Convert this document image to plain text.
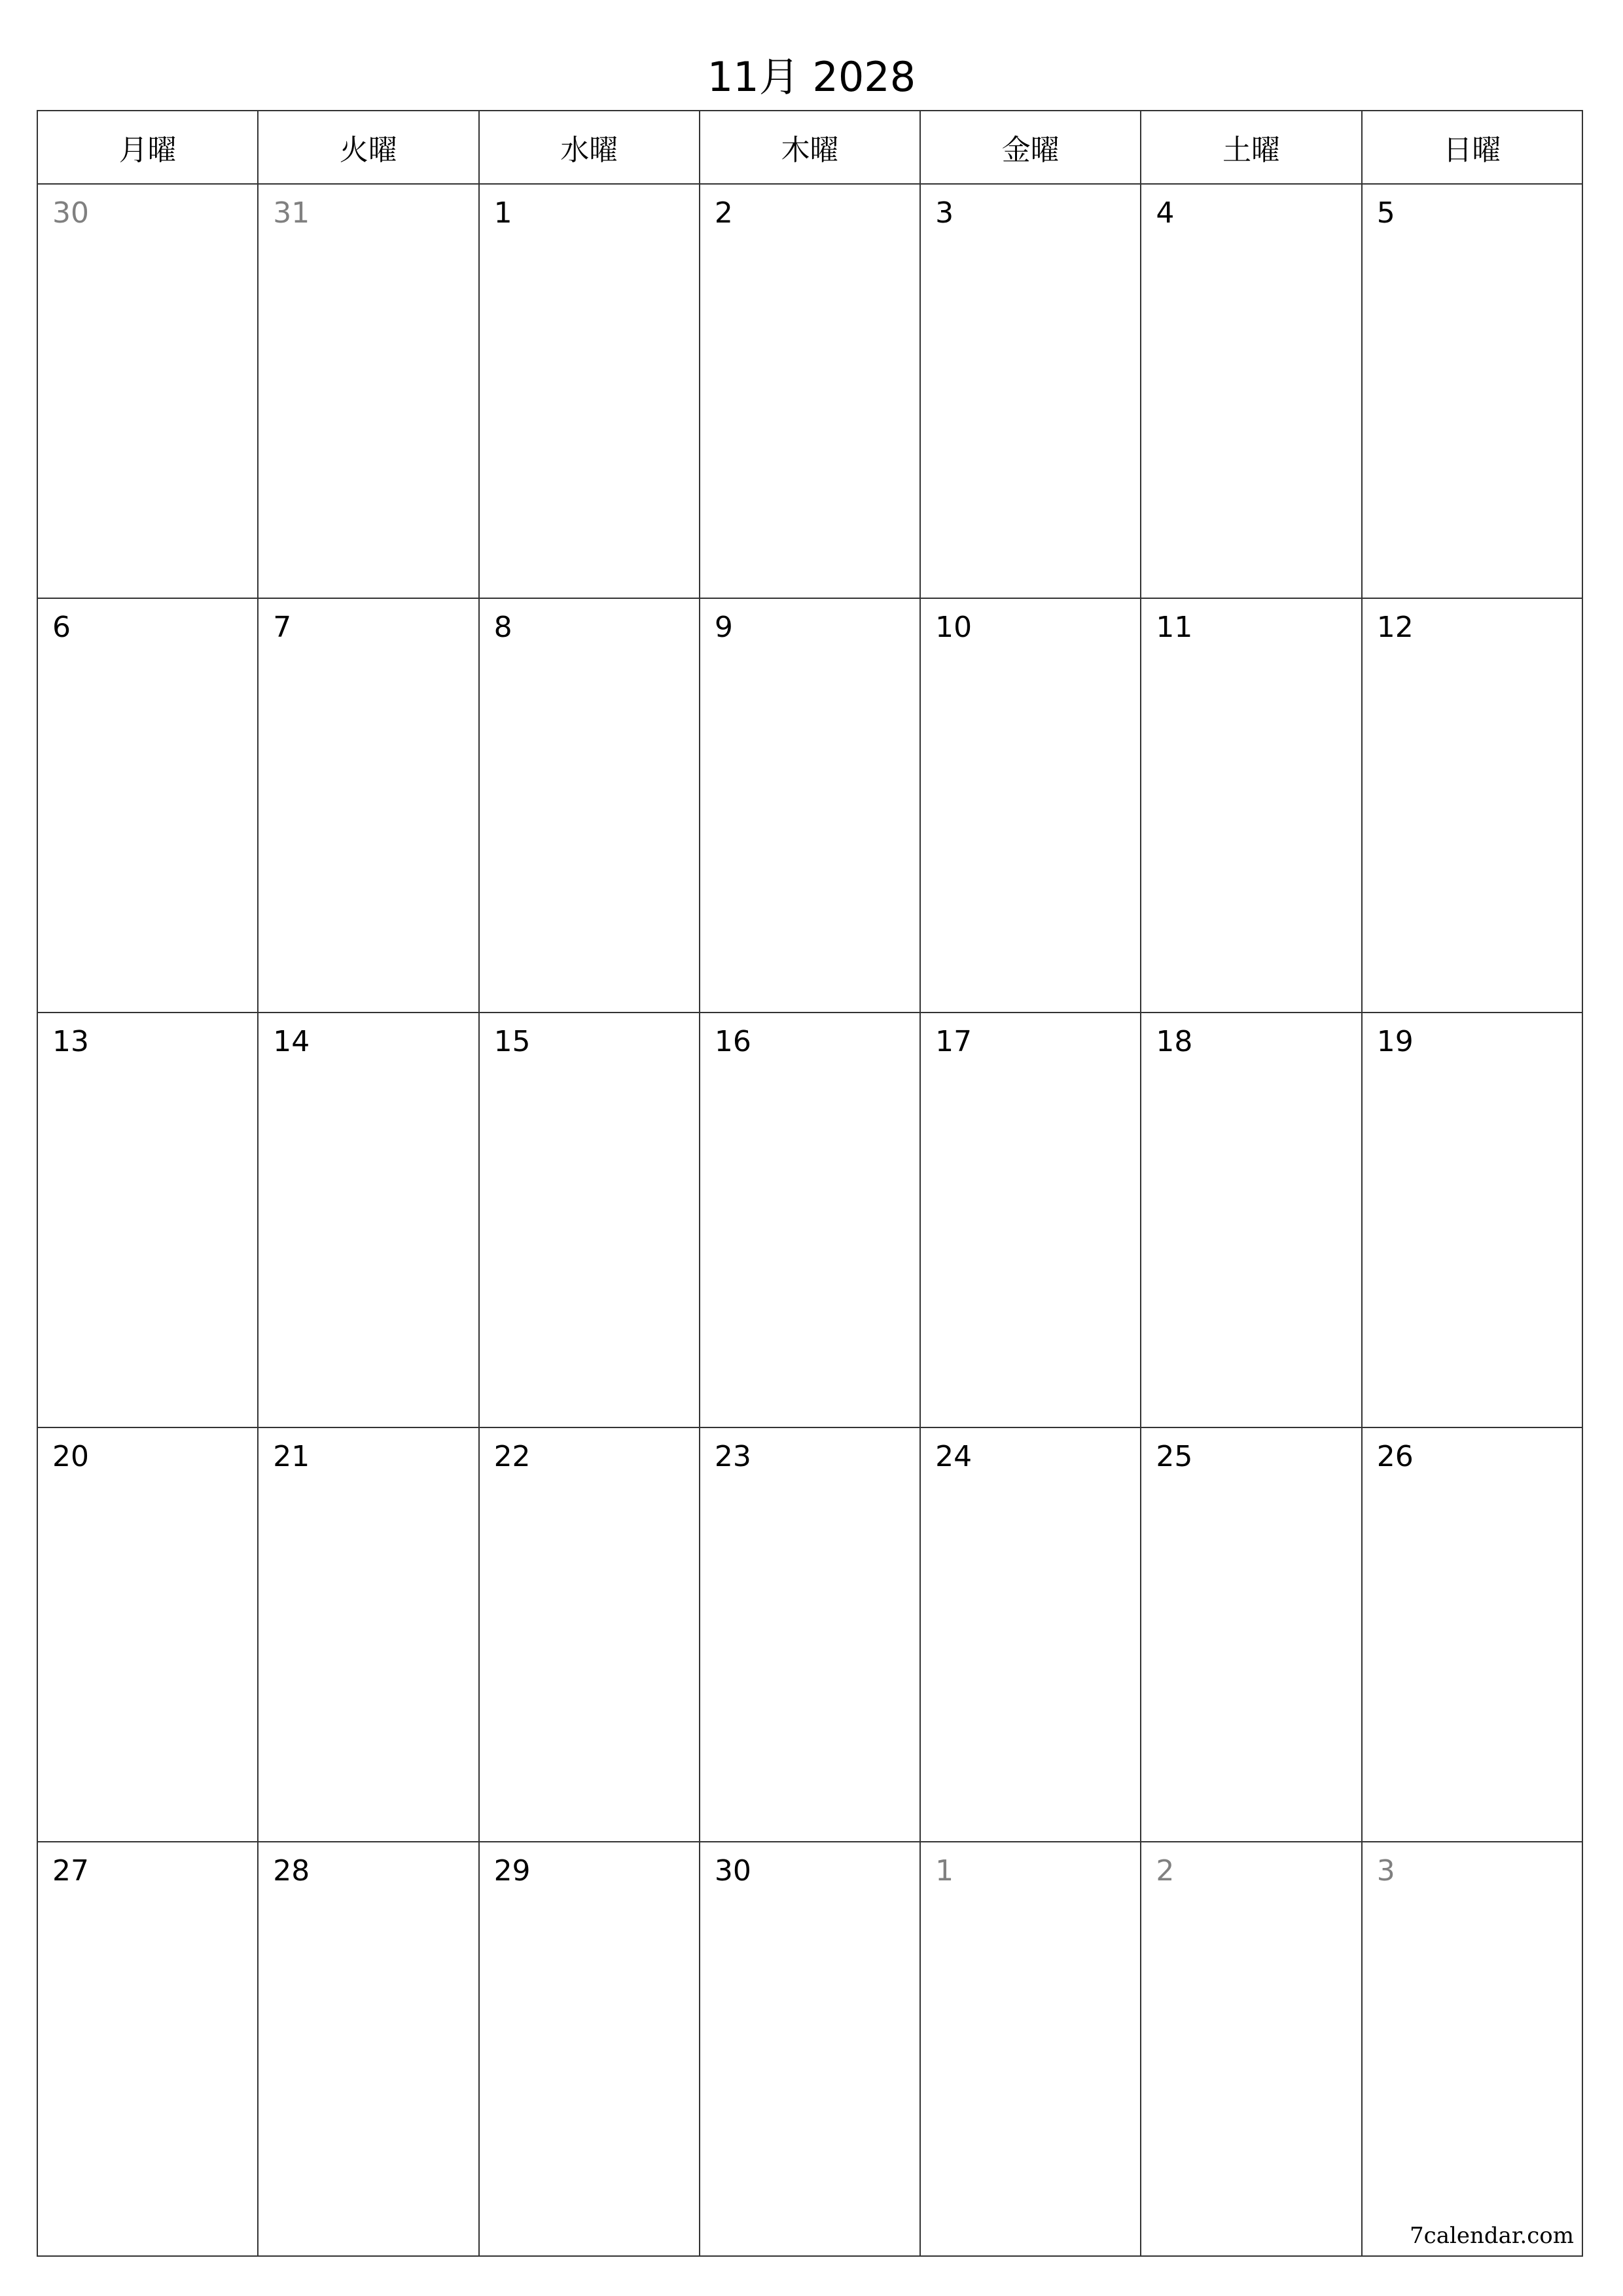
11月 2028
月曜	火曜	水曜	木曜	金曜	土曜	日曜
30	31	1	2	3	4	5
6	7	8	9	10	11	12
13	14	15	16	17	18	19
20	21	22	23	24	25	26
27	28	29	30	1	2	3
7calendar.com
